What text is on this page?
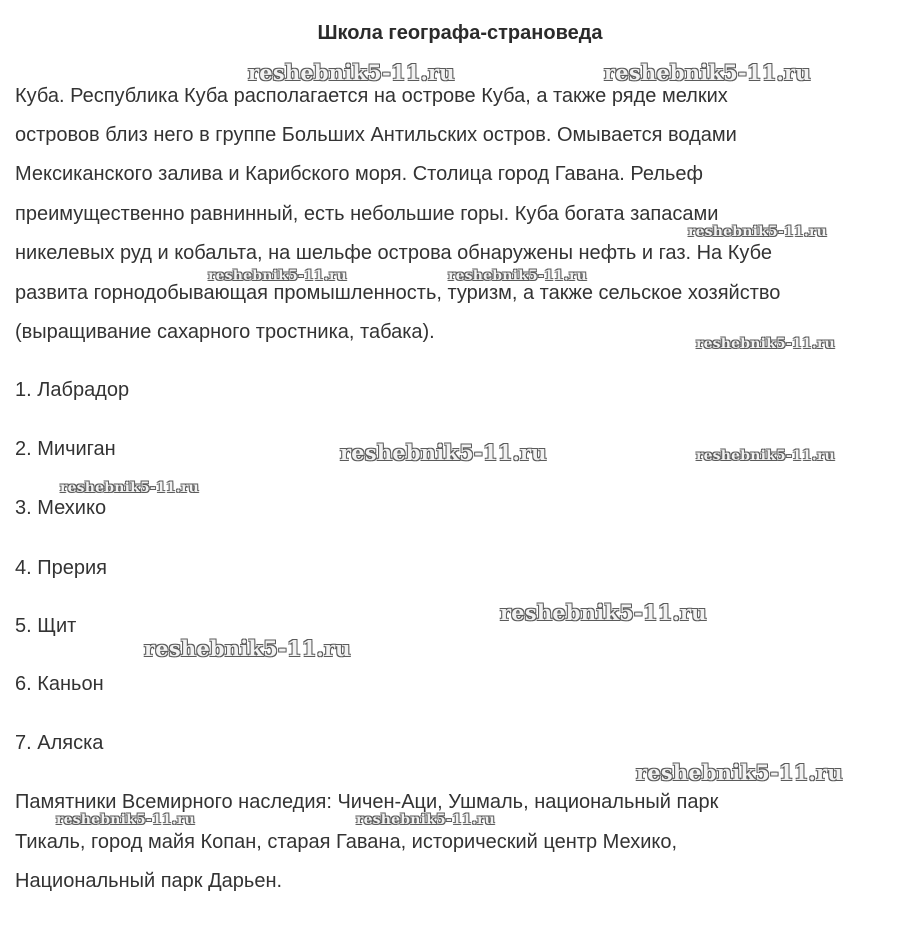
Школа географа-страноведа

Куба. Республика Куба располагается на острове Куба, а также ряде мелких

островов близ него в группе Больших Антильских остров. Омывается водами

Мексиканского залива и Карибского моря. Столица город Гавана. Рельеф

преимущественно равнинный, есть небольшие горы. Куба богата запасами

никелевых руд и кобальта, на шельфе острова обнаружены нефть и газ. На Кубе

развита горнодобывающая промышленность, туризм, а также сельское хозяйство

(выращивание сахарного тростника, табака).

1. Лабрадор

2. Мичиган

3. Мехико

4. Прерия

5. Щит

6. Каньон

7. Аляска

Памятники Всемирного наследия: Чичен-Аци, Ушмаль, национальный парк

Тикаль, город майя Копан, старая Гавана, исторический центр Мехико,

Национальный парк Дарьен.

reshebnik5-11.ru	reshebnik5-11.ru
reshebnik5-11.ru
reshebnik5-11.ru	reshebnik5-11.ru
reshebnik5-11.ru
reshebnik5-11.ru	reshebnik5-11.ru
reshebnik5-11.ru
reshebnik5-11.ru
reshebnik5-11.ru
reshebnik5-11.ru
reshebnik5-11.ru	reshebnik5-11.ru
